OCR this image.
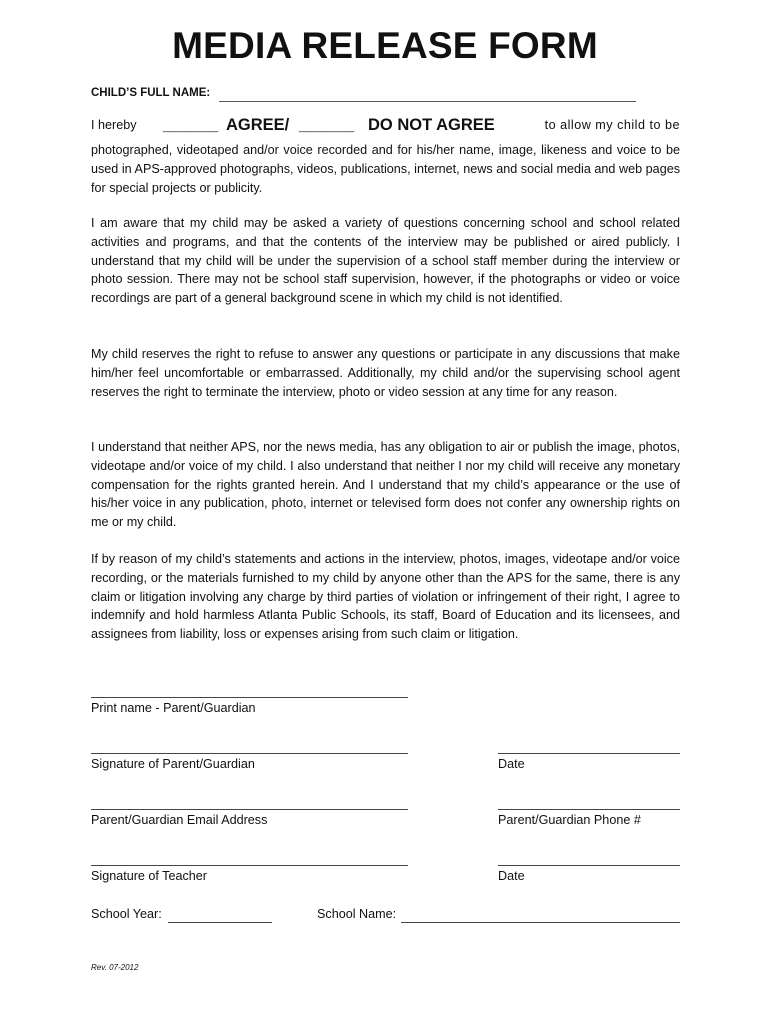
MEDIA RELEASE FORM
CHILD’S FULL NAME:
I hereby ______ AGREE/ ______ DO NOT AGREE	to allow my child to be

photographed, videotaped and/or voice recorded and for his/her name, image, likeness and voice to be used in APS-approved photographs, videos, publications, internet, news and social media and web pages for special projects or publicity.

I am aware that my child may be asked a variety of questions concerning school and school related activities and programs, and that the contents of the interview may be published or aired publicly. I understand that my child will be under the supervision of a school staff member during the interview or photo session. There may not be school staff supervision, however, if the photographs or video or voice recordings are part of a general background scene in which my child is not identified.

My child reserves the right to refuse to answer any questions or participate in any discussions that make him/her feel uncomfortable or embarrassed. Additionally, my child and/or the supervising school agent reserves the right to terminate the interview, photo or video session at any time for any reason.

I understand that neither APS, nor the news media, has any obligation to air or publish the image, photos, videotape and/or voice of my child. I also understand that neither I nor my child will receive any monetary compensation for the rights granted herein. And I understand that my child’s appearance or the use of his/her voice in any publication, photo, internet or televised form does not confer any ownership rights on me or my child.

If by reason of my child’s statements and actions in the interview, photos, images, videotape and/or voice recording, or the materials furnished to my child by anyone other than the APS for the same, there is any claim or litigation involving any charge by third parties of violation or infringement of their right, I agree to indemnify and hold harmless Atlanta Public Schools, its staff, Board of Education and its licensees, and assignees from liability, loss or expenses arising from such claim or litigation.

Print name - Parent/Guardian
Signature of Parent/Guardian	Date
Parent/Guardian Email Address	Parent/Guardian Phone #
Signature of Teacher	Date
School Year:	School Name:
Rev. 07-2012
